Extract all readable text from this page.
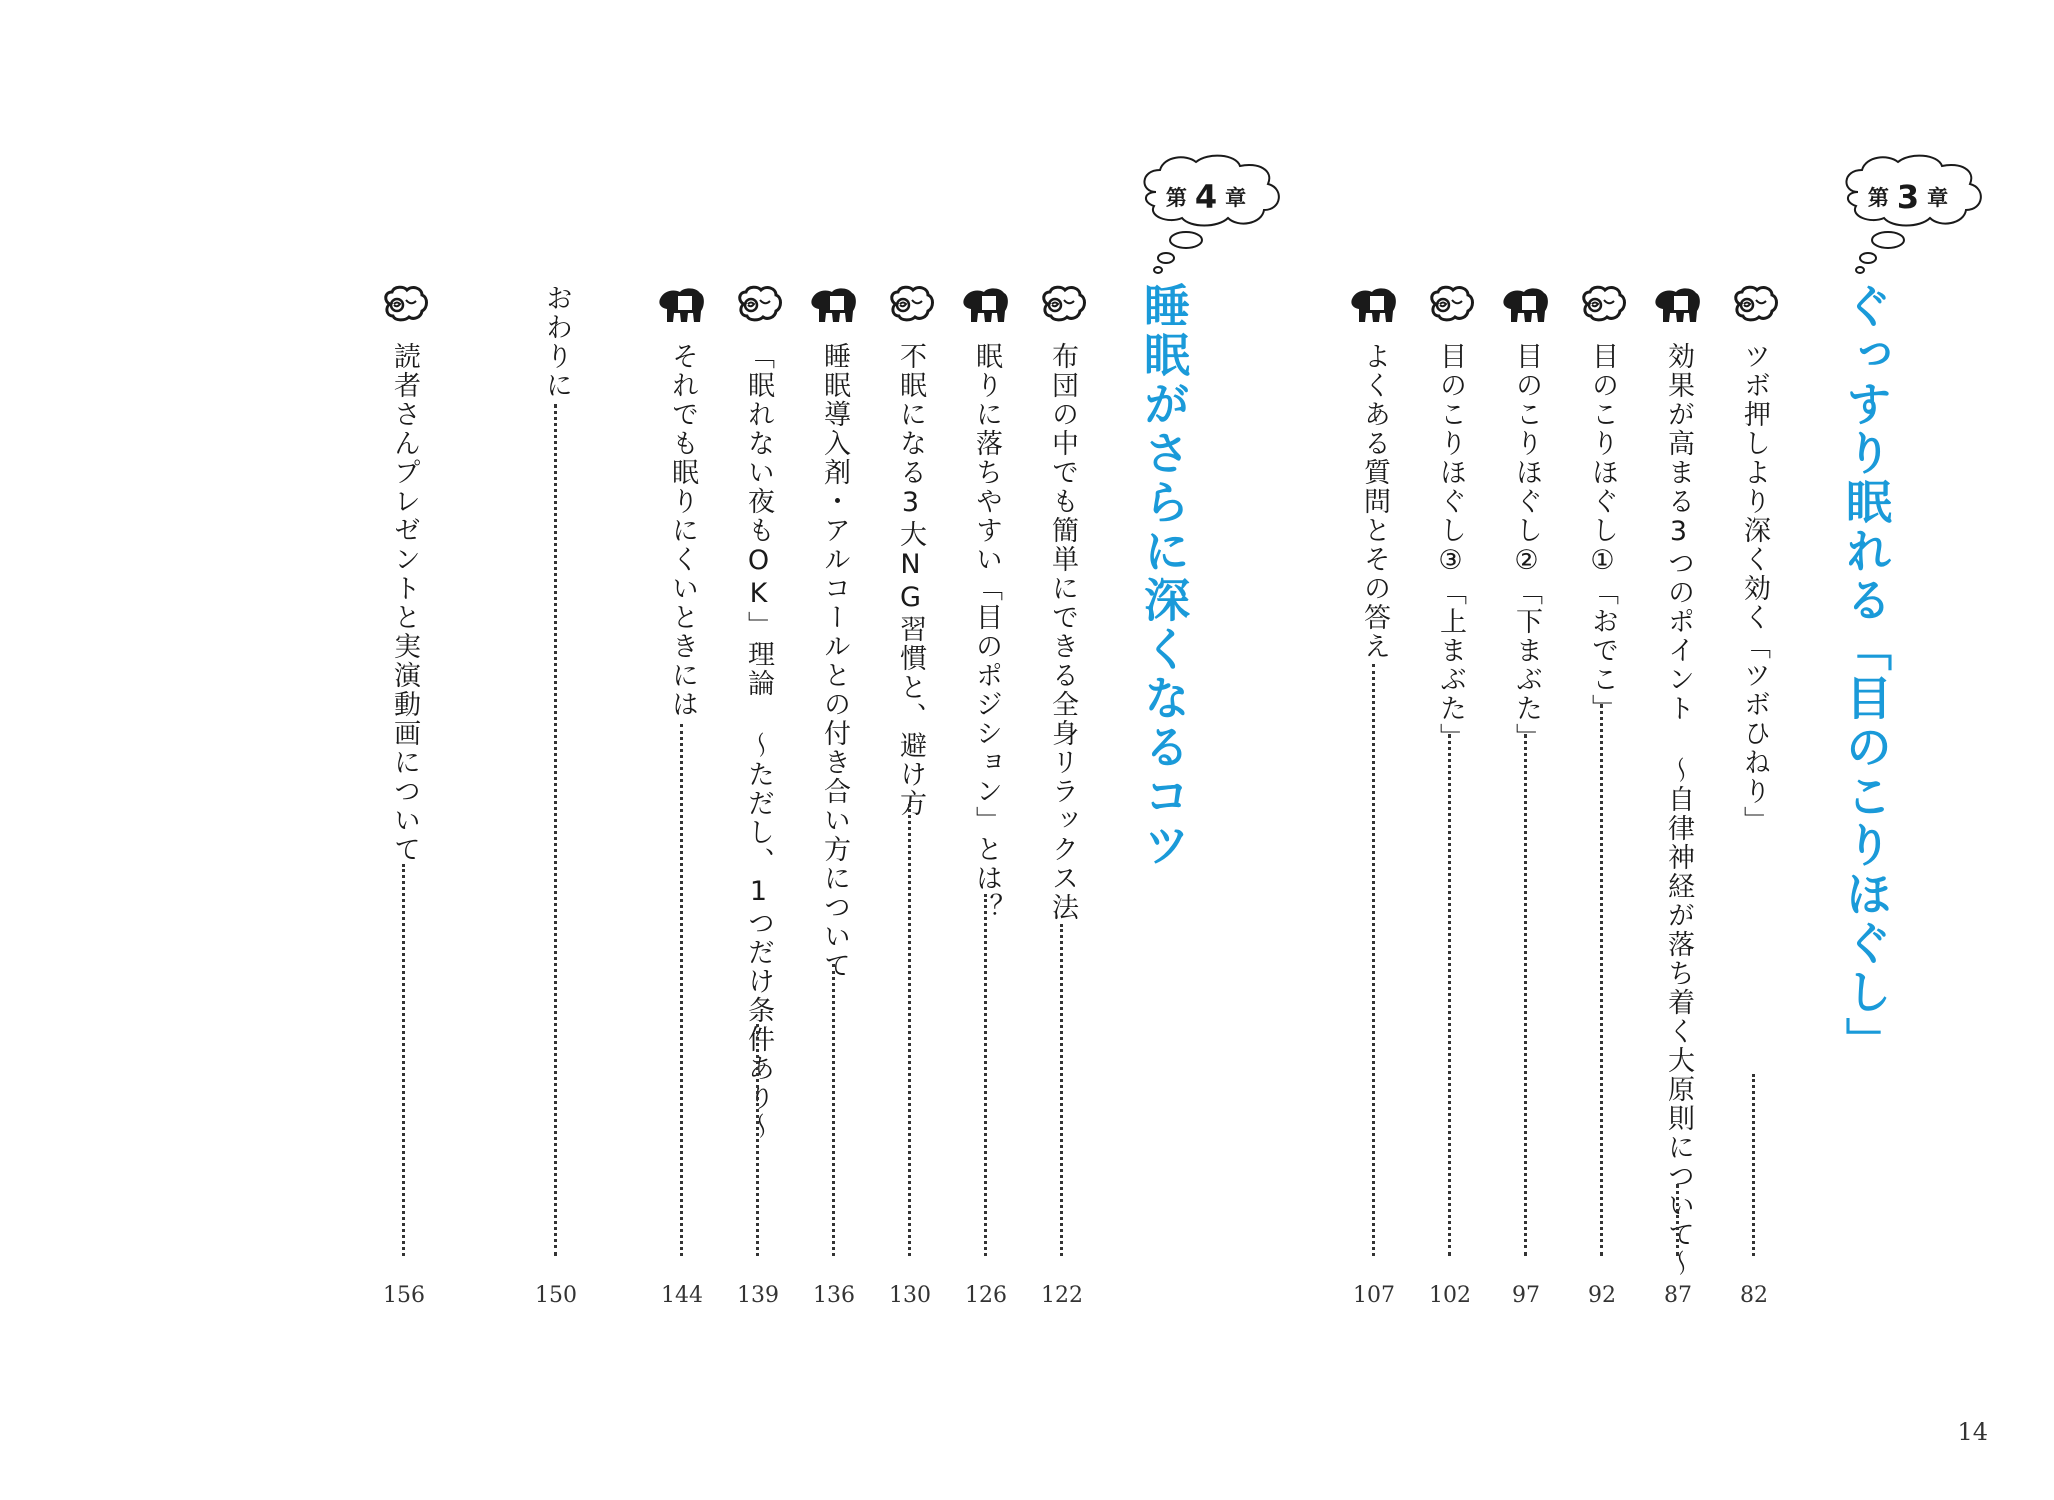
第 3 章
ぐっすり眠れる「目のこりほぐし」
ツボ押しより深く効く「ツボひねり」
82
効果が高まる3つのポイント 〜自律神経が落ち着く大原則について〜
87
目のこりほぐし①「おでこ」
92
目のこりほぐし②「下まぶた」
97
目のこりほぐし③「上まぶた」
102
よくある質問とその答え
107
第 4 章
睡眠がさらに深くなるコツ
布団の中でも簡単にできる全身リラックス法
122
眠りに落ちやすい「目のポジション」とは？
126
不眠になる3大NG習慣と、避け方
130
睡眠導入剤・アルコールとの付き合い方について
136
「眠れない夜もOK」理論 〜ただし、1つだけ条件あり〜
139
それでも眠りにくいときには
144
おわりに
150
読者さんプレゼントと実演動画について
156
14
